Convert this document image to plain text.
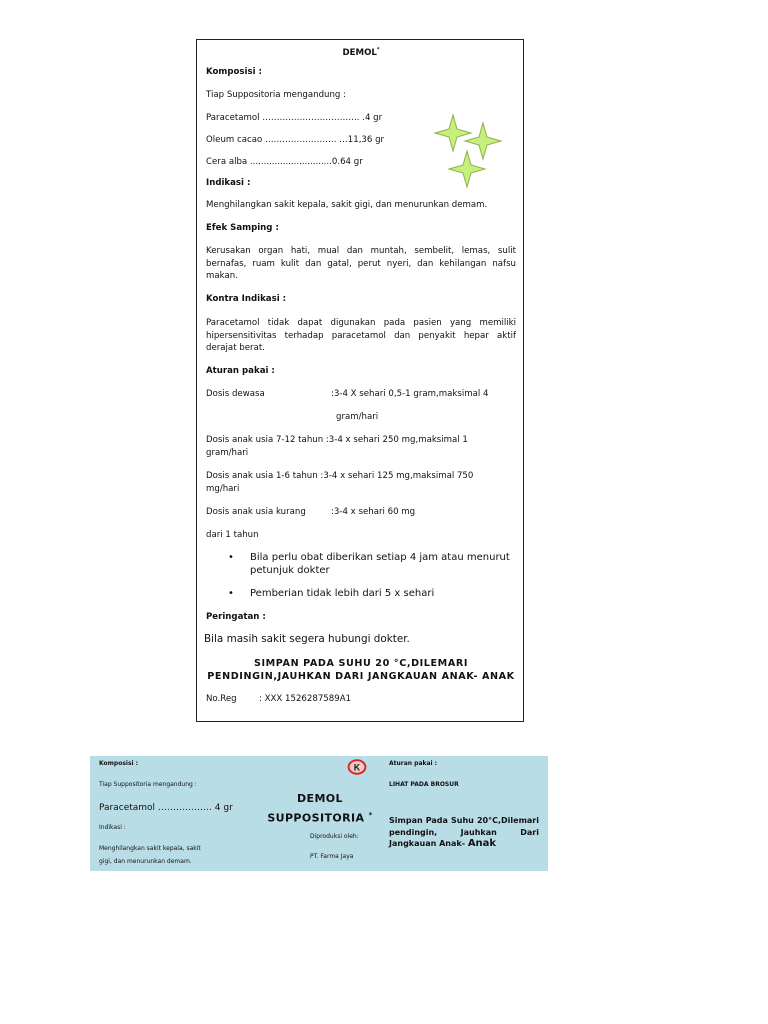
DEMOL*
Komposisi :
Tiap Suppositoria mengandung :
Paracetamol ……………………………. .4 gr
Oleum cacao ……………………. …11,36 gr
Cera alba ..............................0.64 gr
Indikasi :
Menghilangkan sakit kepala, sakit gigi, dan menurunkan demam.
Efek Samping :
Kerusakan organ hati, mual dan muntah, sembelit, lemas, sulit bernafas, ruam kulit dan gatal, perut nyeri, dan kehilangan nafsu makan.
Kontra Indikasi :
Paracetamol tidak dapat digunakan pada pasien yang memiliki hipersensitivitas terhadap paracetamol dan penyakit hepar aktif derajat berat.
Aturan pakai :
Dosis dewasa	:3-4 X sehari 0,5-1 gram,maksimal 4
gram/hari
Dosis anak usia 7-12 tahun :3-4 x sehari 250 mg,maksimal 1
gram/hari
Dosis anak usia 1-6 tahun :3-4 x sehari 125 mg,maksimal 750
mg/hari
Dosis anak usia kurang	:3-4 x sehari 60 mg
dari 1 tahun
• Bila perlu obat diberikan setiap 4 jam atau menurut petunjuk dokter
• Pemberian tidak lebih dari 5 x sehari
Peringatan :
Bila masih sakit segera hubungi dokter.
SIMPAN PADA SUHU 20 °C,DILEMARI
PENDINGIN,JAUHKAN DARI JANGKAUAN ANAK- ANAK
No.Reg	: XXX 1526287589A1
Komposisi :
Tiap Suppositoria mengandung :
Paracetamol ……………… 4 gr
Indikasi :
Menghilangkan sakit kepala, sakit
gigi, dan menurunkan demam.
K
DEMOL
SUPPOSITORIA *
Diproduksi oleh:
PT. Farma Jaya
Aturan pakai :
LIHAT PADA BROSUR
Simpan Pada Suhu 20°C,Dilemari pendingin, Jauhkan Dari Jangkauan Anak- Anak
